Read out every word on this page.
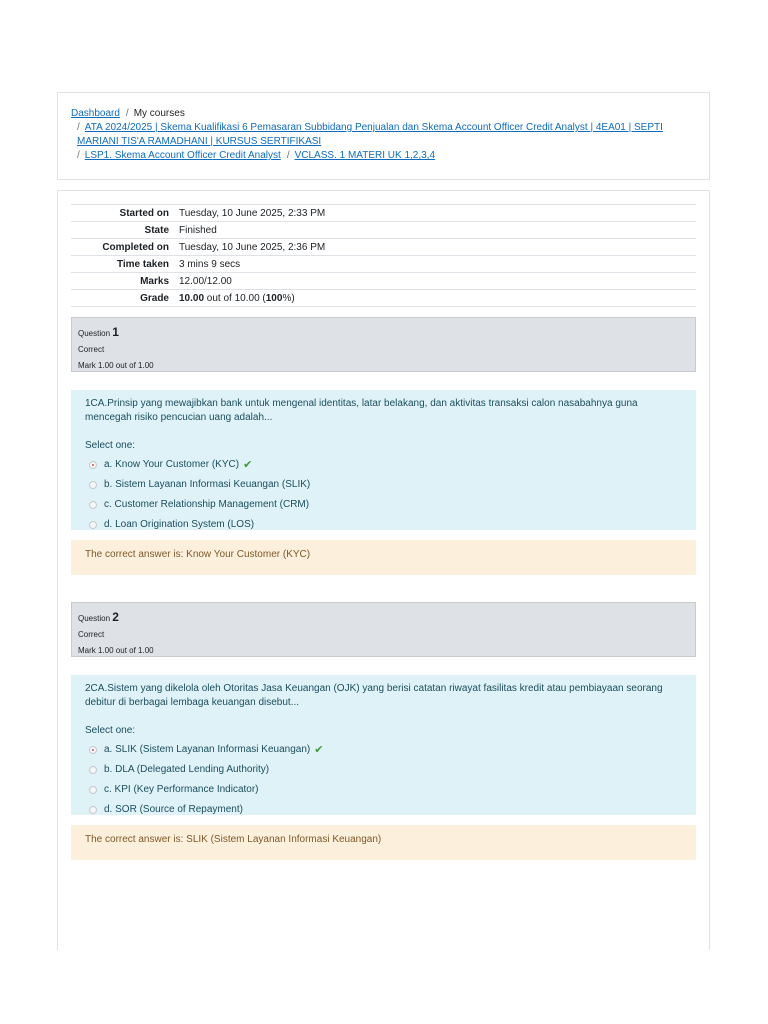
Dashboard / My courses
/ ATA 2024/2025 | Skema Kualifikasi 6 Pemasaran Subbidang Penjualan dan Skema Account Officer Credit Analyst | 4EA01 | SEPTI
MARIANI TIS'A RAMADHANI | KURSUS SERTIFIKASI
/ LSP1. Skema Account Officer Credit Analyst / VCLASS. 1 MATERI UK 1,2,3,4
Started on	Tuesday, 10 June 2025, 2:33 PM
State	Finished
Completed on	Tuesday, 10 June 2025, 2:36 PM
Time taken	3 mins 9 secs
Marks	12.00/12.00
Grade	10.00 out of 10.00 (100%)
Question 1
Correct
Mark 1.00 out of 1.00
1CA.Prinsip yang mewajibkan bank untuk mengenal identitas, latar belakang, dan aktivitas transaksi calon nasabahnya guna mencegah risiko pencucian uang adalah...
Select one:
a. Know Your Customer (KYC) ✔
b. Sistem Layanan Informasi Keuangan (SLIK)
c. Customer Relationship Management (CRM)
d. Loan Origination System (LOS)
The correct answer is: Know Your Customer (KYC)
Question 2
Correct
Mark 1.00 out of 1.00
2CA.Sistem yang dikelola oleh Otoritas Jasa Keuangan (OJK) yang berisi catatan riwayat fasilitas kredit atau pembiayaan seorang debitur di berbagai lembaga keuangan disebut...
Select one:
a. SLIK (Sistem Layanan Informasi Keuangan) ✔
b. DLA (Delegated Lending Authority)
c. KPI (Key Performance Indicator)
d. SOR (Source of Repayment)
The correct answer is: SLIK (Sistem Layanan Informasi Keuangan)
